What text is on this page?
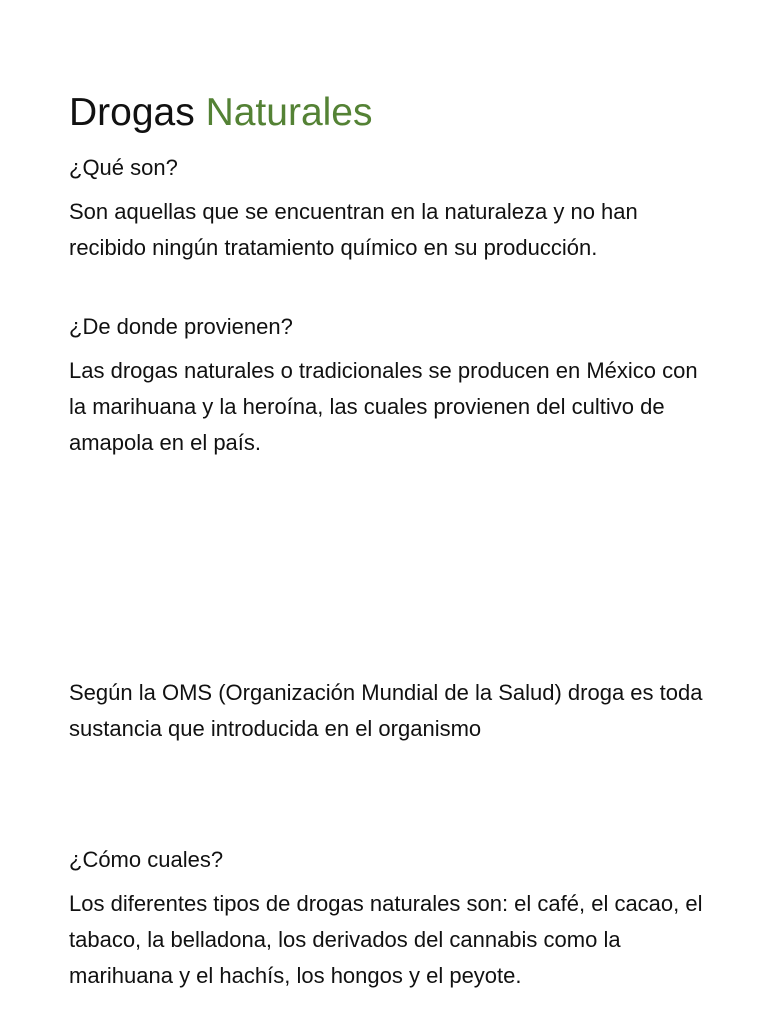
Drogas Naturales

¿Qué son?

Son aquellas que se encuentran en la naturaleza y no han recibido ningún tratamiento químico en su producción.

¿De donde provienen?

Las drogas naturales o tradicionales se producen en México con la marihuana y la heroína, las cuales provienen del cultivo de amapola en el país.

Según la OMS (Organización Mundial de la Salud) droga es toda sustancia que introducida en el organismo

¿Cómo cuales?

Los diferentes tipos de drogas naturales son: el café, el cacao, el tabaco, la belladona, los derivados del cannabis como la marihuana y el hachís, los hongos y el peyote.
